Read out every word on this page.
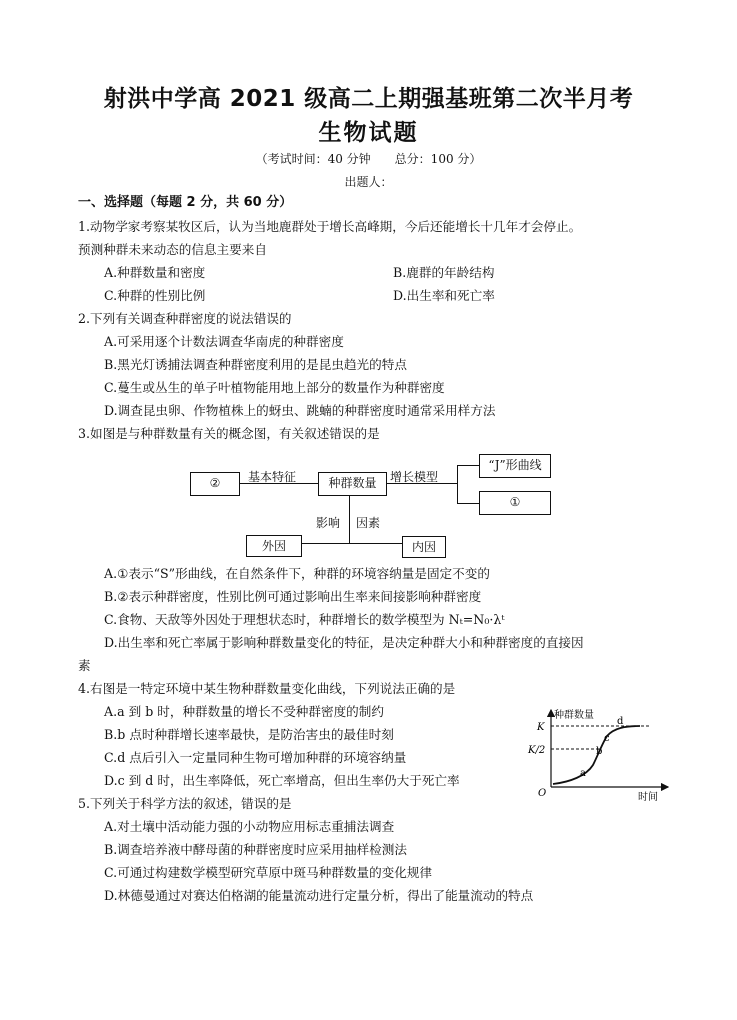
射洪中学高 2021 级高二上期强基班第二次半月考
生物试题
（考试时间：40 分钟　　总分：100 分）
出题人：
一、选择题（每题 2 分，共 60 分）
1.动物学家考察某牧区后，认为当地鹿群处于增长高峰期，今后还能增长十几年才会停止。
预测种群未来动态的信息主要来自
A.种群数量和密度	B.鹿群的年龄结构
C.种群的性别比例	D.出生率和死亡率
2.下列有关调查种群密度的说法错误的
A.可采用逐个计数法调查华南虎的种群密度
B.黑光灯诱捕法调查种群密度利用的是昆虫趋光的特点
C.蔓生或丛生的单子叶植物能用地上部分的数量作为种群密度
D.调查昆虫卵、作物植株上的蚜虫、跳蝻的种群密度时通常采用样方法
3.如图是与种群数量有关的概念图，有关叙述错误的是
②	种群数量
“J”形曲线
①
外因	内因
基本特征	增长模型
影响 因素
A.①表示“S”形曲线，在自然条件下，种群的环境容纳量是固定不变的
B.②表示种群密度，性别比例可通过影响出生率来间接影响种群密度
C.食物、天敌等外因处于理想状态时，种群增长的数学模型为 Nₜ=N₀·λᵗ
D.出生率和死亡率属于影响种群数量变化的特征，是决定种群大小和种群密度的直接因
素
4.右图是一特定环境中某生物种群数量变化曲线，下列说法正确的是
A.a 到 b 时，种群数量的增长不受种群密度的制约
B.b 点时种群增长速率最快，是防治害虫的最佳时刻
C.d 点后引入一定量同种生物可增加种群的环境容纳量
D.c 到 d 时，出生率降低，死亡率增高，但出生率仍大于死亡率
种群数量
时间
K
K/2
O
a
b
c
d
5.下列关于科学方法的叙述，错误的是
A.对土壤中活动能力强的小动物应用标志重捕法调查
B.调查培养液中酵母菌的种群密度时应采用抽样检测法
C.可通过构建数学模型研究草原中斑马种群数量的变化规律
D.林德曼通过对赛达伯格湖的能量流动进行定量分析，得出了能量流动的特点
